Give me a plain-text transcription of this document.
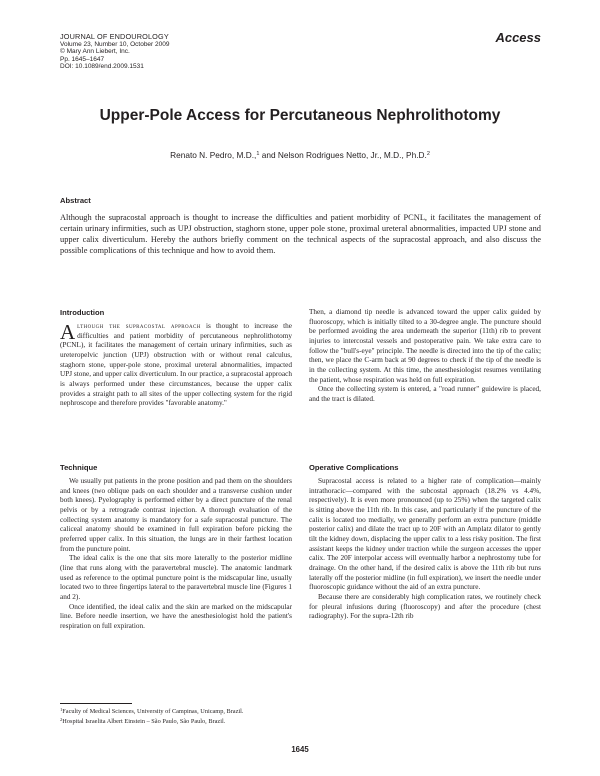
JOURNAL OF ENDOUROLOGY
Volume 23, Number 10, October 2009
© Mary Ann Liebert, Inc.
Pp. 1645–1647
DOI: 10.1089/end.2009.1531
Access
Upper-Pole Access for Percutaneous Nephrolithotomy
Renato N. Pedro, M.D.,$^1$ and Nelson Rodrigues Netto, Jr., M.D., Ph.D.$^2$
Abstract

Although the supracostal approach is thought to increase the difficulties and patient morbidity of PCNL, it facilitates the management of certain urinary infirmities, such as UPJ obstruction, staghorn stone, upper pole stone, proximal ureteral abnormalities, impacted UPJ stone and upper calix diverticulum. Hereby the authors briefly comment on the technical aspects of the supracostal approach, and also discuss the possible complications of this technique and how to avoid them.

Introduction

Although the supracostal approach is thought to increase the difficulties and patient morbidity of percutaneous nephrolithotomy (PCNL), it facilitates the management of certain urinary infirmities, such as ureteropelvic junction (UPJ) obstruction with or without renal calculus, staghorn stone, upper-pole stone, proximal ureteral abnormalities, impacted UPJ stone, and upper calix diverticulum. In our practice, a supracostal approach is always performed under these circumstances, because the upper calix provides a straight path to all sites of the upper collecting system for the rigid nephroscope and therefore provides "favorable anatomy."

Technique

We usually put patients in the prone position and pad them on the shoulders and knees (two oblique pads on each shoulder and a transverse cushion under both knees). Pyelography is performed either by a direct puncture of the renal pelvis or by a retrograde contrast injection. A thorough evaluation of the collecting system anatomy is mandatory for a safe supracostal puncture. The caliceal anatomy should be examined in full expiration before picking the preferred upper calix. In this situation, the lungs are in their farthest location from the puncture point.

The ideal calix is the one that sits more laterally to the posterior midline (line that runs along with the paravertebral muscle). The anatomic landmark used as reference to the optimal puncture point is the midscapular line, usually located two to three fingertips lateral to the paravertebral muscle line (Figures 1 and 2).

Once identified, the ideal calix and the skin are marked on the midscapular line. Before needle insertion, we have the anesthesiologist hold the patient's respiration on full expiration.

Then, a diamond tip needle is advanced toward the upper calix guided by fluoroscopy, which is initially tilted to a 30-degree angle. The puncture should be performed avoiding the area underneath the superior (11th) rib to prevent injuries to intercostal vessels and postoperative pain. We take extra care to follow the "bull's-eye" principle. The needle is directed into the tip of the calix; then, we place the C-arm back at 90 degrees to check if the tip of the needle is in the collecting system. At this time, the anesthesiologist resumes ventilating the patient, whose respiration was held on full expiration.

Once the collecting system is entered, a "road runner" guidewire is placed, and the tract is dilated.

Operative Complications

Supracostal access is related to a higher rate of complication—mainly intrathoracic—compared with the subcostal approach (18.2% vs 4.4%, respectively). It is even more pronounced (up to 25%) when the targeted calix is sitting above the 11th rib. In this case, and particularly if the puncture of the calix is located too medially, we generally perform an extra puncture (middle posterior calix) and dilate the tract up to 20F with an Amplatz dilator to gently tilt the kidney down, displacing the upper calix to a less risky position. The first assistant keeps the kidney under traction while the surgeon accesses the upper calix. The 20F interpolar access will eventually harbor a nephrostomy tube for drainage. On the other hand, if the desired calix is above the 11th rib but runs laterally off the posterior midline (in full expiration), we insert the needle under fluoroscopic guidance without the aid of an extra puncture.

Because there are considerably high complication rates, we routinely check for pleural infusions during (fluoroscopy) and after the procedure (chest radiography). For the supra-12th rib

$^1$Faculty of Medical Sciences, University of Campinas, Unicamp, Brazil.
$^2$Hospital Israelita Albert Einstein – São Paulo, São Paulo, Brazil.
1645
